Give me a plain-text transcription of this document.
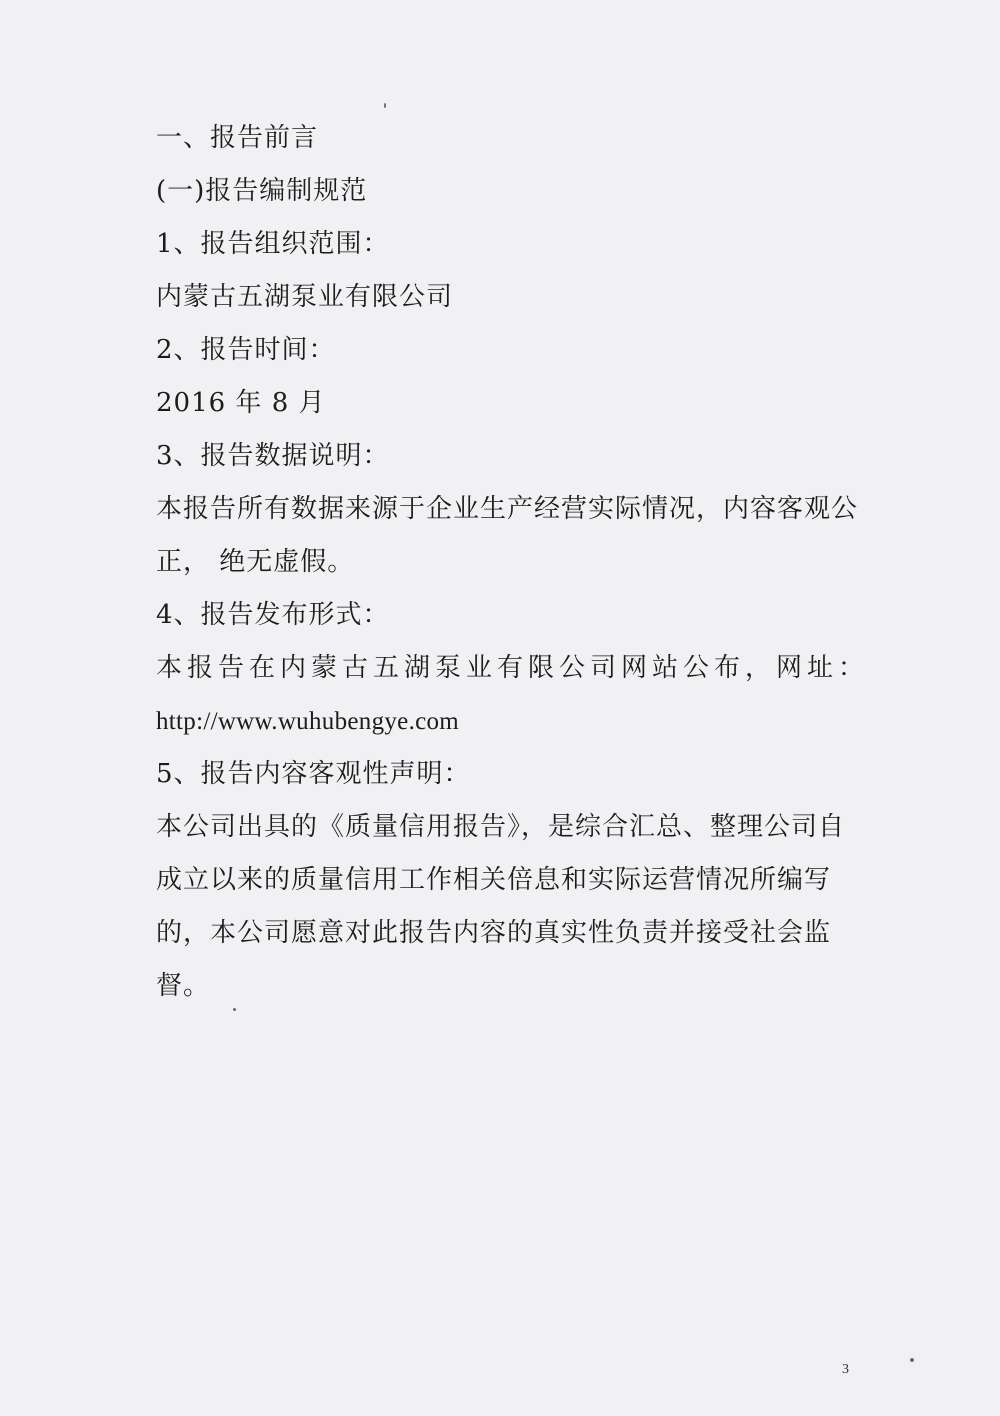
一、报告前言
(一)报告编制规范
1、报告组织范围：
内蒙古五湖泵业有限公司
2、报告时间：
2016 年 8 月
3、报告数据说明：
本报告所有数据来源于企业生产经营实际情况，内容客观公
正， 绝无虚假。
4、报告发布形式：
本报告在内蒙古五湖泵业有限公司网站公布，网址：
http://www.wuhubengye.com
5、报告内容客观性声明：
本公司出具的《质量信用报告》，是综合汇总、整理公司自
成立以来的质量信用工作相关倍息和实际运营情况所编写
的，本公司愿意对此报告内容的真实性负责并接受社会监
督。
3
